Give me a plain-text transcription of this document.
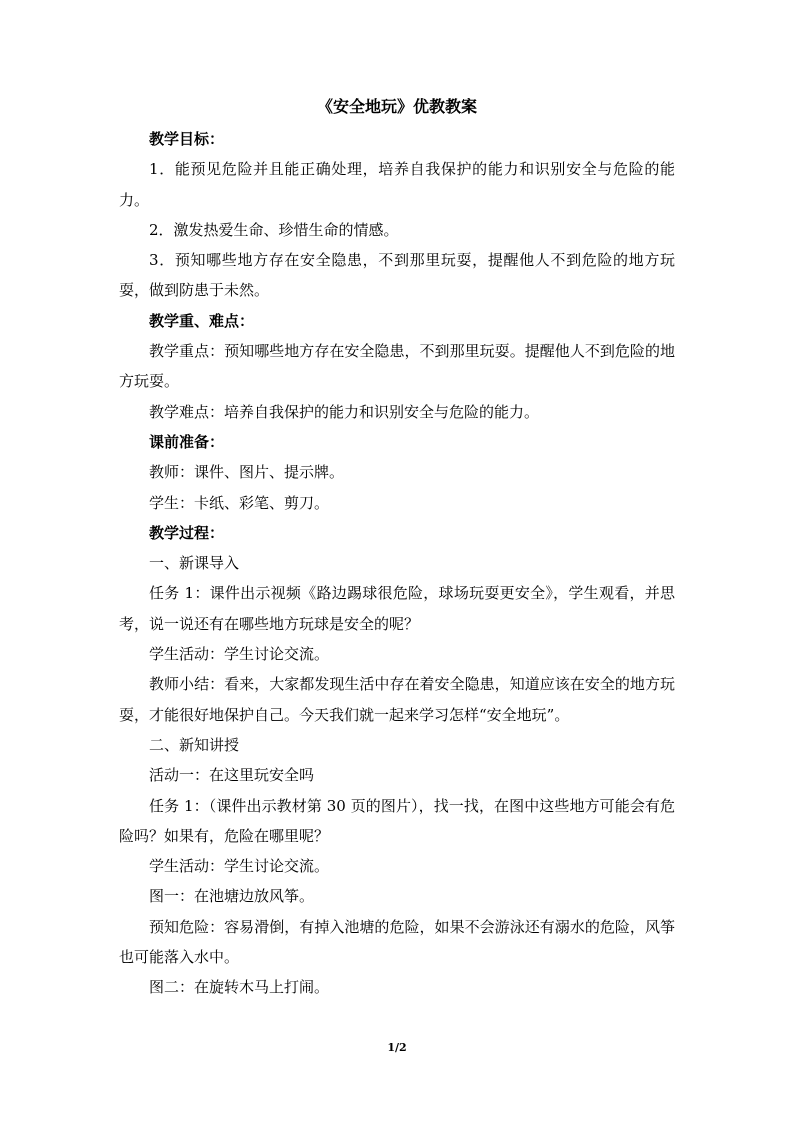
《安全地玩》优教教案

教学目标：

1．能预见危险并且能正确处理，培养自我保护的能力和识别安全与危险的能力。

2．激发热爱生命、珍惜生命的情感。

3．预知哪些地方存在安全隐患，不到那里玩耍，提醒他人不到危险的地方玩耍，做到防患于未然。

教学重、难点：

教学重点：预知哪些地方存在安全隐患，不到那里玩耍。提醒他人不到危险的地方玩耍。

教学难点：培养自我保护的能力和识别安全与危险的能力。

课前准备：

教师：课件、图片、提示牌。

学生：卡纸、彩笔、剪刀。

教学过程：

一、新课导入

任务 1：课件出示视频《路边踢球很危险，球场玩耍更安全》，学生观看，并思考，说一说还有在哪些地方玩球是安全的呢？

学生活动：学生讨论交流。

教师小结：看来，大家都发现生活中存在着安全隐患，知道应该在安全的地方玩耍，才能很好地保护自己。今天我们就一起来学习怎样“安全地玩”。

二、新知讲授

活动一：在这里玩安全吗

任务 1：（课件出示教材第 30 页的图片），找一找，在图中这些地方可能会有危险吗？如果有，危险在哪里呢？

学生活动：学生讨论交流。

图一：在池塘边放风筝。

预知危险：容易滑倒，有掉入池塘的危险，如果不会游泳还有溺水的危险，风筝也可能落入水中。

图二：在旋转木马上打闹。

1/2
